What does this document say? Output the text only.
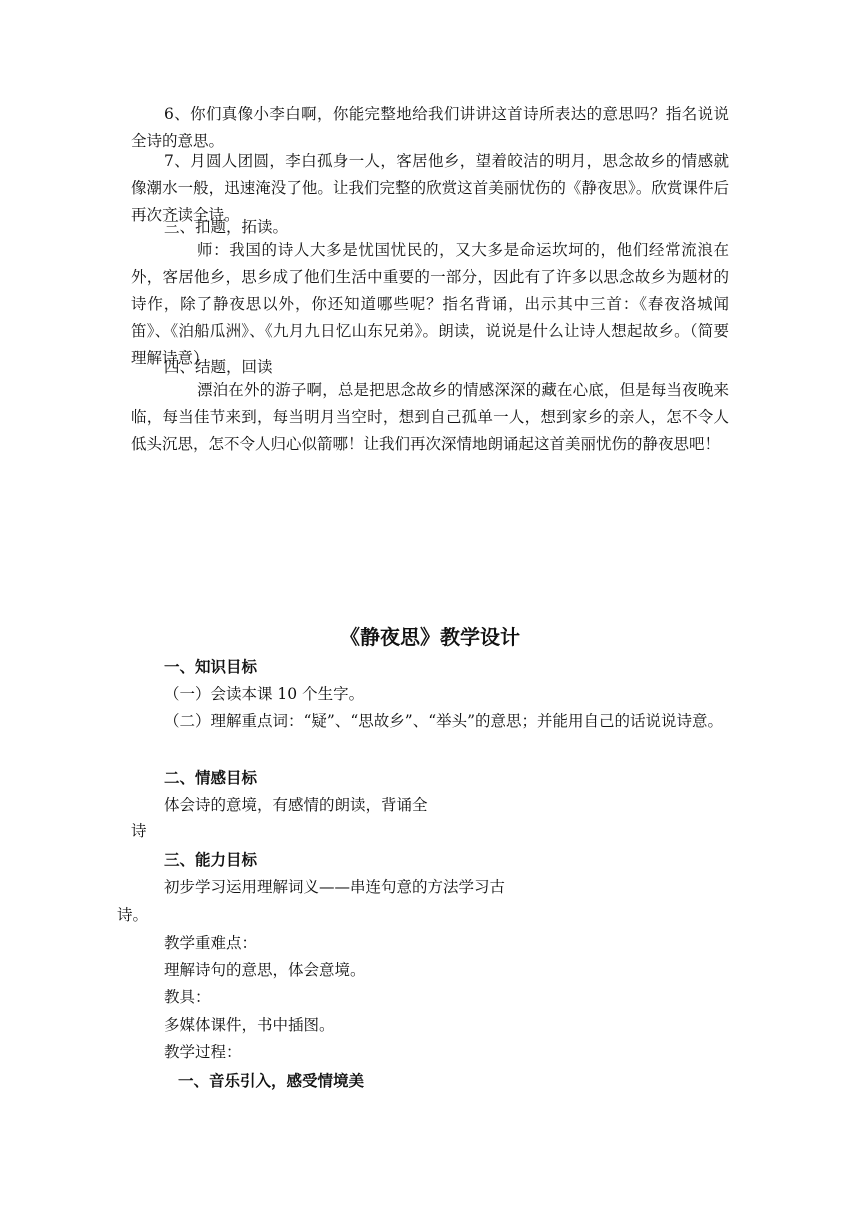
6、你们真像小李白啊，你能完整地给我们讲讲这首诗所表达的意思吗？指名说说全诗的意思。

7、月圆人团圆，李白孤身一人，客居他乡，望着皎洁的明月，思念故乡的情感就像潮水一般，迅速淹没了他。让我们完整的欣赏这首美丽忧伤的《静夜思》。欣赏课件后再次齐读全诗。

三、扣题，拓读。

师：我国的诗人大多是忧国忧民的，又大多是命运坎坷的，他们经常流浪在外，客居他乡，思乡成了他们生活中重要的一部分，因此有了许多以思念故乡为题材的诗作，除了静夜思以外，你还知道哪些呢？指名背诵，出示其中三首：《春夜洛城闻笛》、《泊船瓜洲》、《九月九日忆山东兄弟》。朗读，说说是什么让诗人想起故乡。（简要理解诗意）

四、结题，回读

漂泊在外的游子啊，总是把思念故乡的情感深深的藏在心底，但是每当夜晚来临，每当佳节来到，每当明月当空时，想到自己孤单一人，想到家乡的亲人，怎不令人低头沉思，怎不令人归心似箭哪！让我们再次深情地朗诵起这首美丽忧伤的静夜思吧！

《静夜思》教学设计

一、知识目标

（一）会读本课 10 个生字。

（二）理解重点词：“疑”、“思故乡”、“举头”的意思；并能用自己的话说说诗意。

二、情感目标

体会诗的意境，有感情的朗读，背诵全

诗

三、能力目标

初步学习运用理解词义——串连句意的方法学习古

诗。

教学重难点：

理解诗句的意思，体会意境。

教具：

多媒体课件，书中插图。

教学过程：

一、音乐引入，感受情境美
